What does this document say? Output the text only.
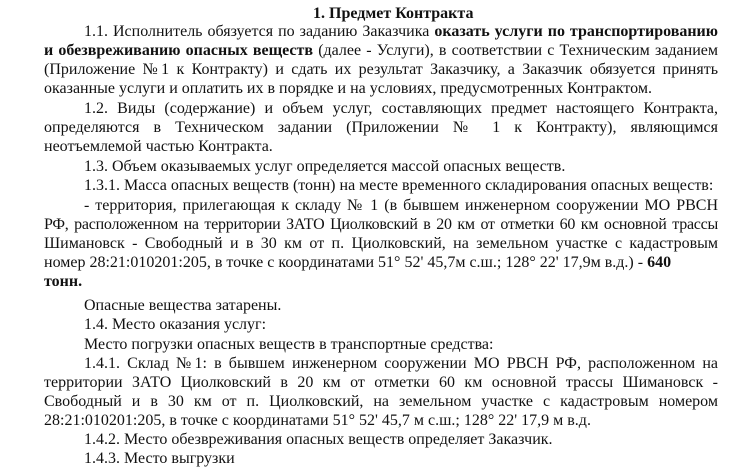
1. Предмет Контракта
1.1. Исполнитель обязуется по заданию Заказчика оказать услуги по транспортированию
и обезвреживанию опасных веществ (далее - Услуги), в соответствии с Техническим заданием
(Приложение №1 к Контракту) и сдать их результат Заказчику, а Заказчик обязуется принять
оказанные услуги и оплатить их в порядке и на условиях, предусмотренных Контрактом.
1.2. Виды (содержание) и объем услуг, составляющих предмет настоящего Контракта,
определяются в Техническом задании (Приложении № 1 к Контракту), являющимся
неотъемлемой частью Контракта.
1.3. Объем оказываемых услуг определяется массой опасных веществ.
1.3.1. Масса опасных веществ (тонн) на месте временного складирования опасных веществ:
- территория, прилегающая к складу № 1 (в бывшем инженерном сооружении МО РВСН
РФ, расположенном на территории ЗАТО Циолковский в 20 км от отметки 60 км основной трассы
Шимановск - Свободный и в 30 км от п. Циолковский, на земельном участке с кадастровым
номер 28:21:010201:205, в точке с координатами 51° 52' 45,7м с.ш.; 128° 22' 17,9м в.д.) - 640
тонн.
Опасные вещества затарены.
1.4. Место оказания услуг:
Место погрузки опасных веществ в транспортные средства:
1.4.1. Склад №1: в бывшем инженерном сооружении МО РВСН РФ, расположенном на
территории ЗАТО Циолковский в 20 км от отметки 60 км основной трассы Шимановск -
Свободный и в 30 км от п. Циолковский, на земельном участке с кадастровым номером
28:21:010201:205, в точке с координатами 51° 52' 45,7 м с.ш.; 128° 22' 17,9 м в.д.
1.4.2. Место обезвреживания опасных веществ определяет Заказчик.
1.4.3. Место выгрузки
